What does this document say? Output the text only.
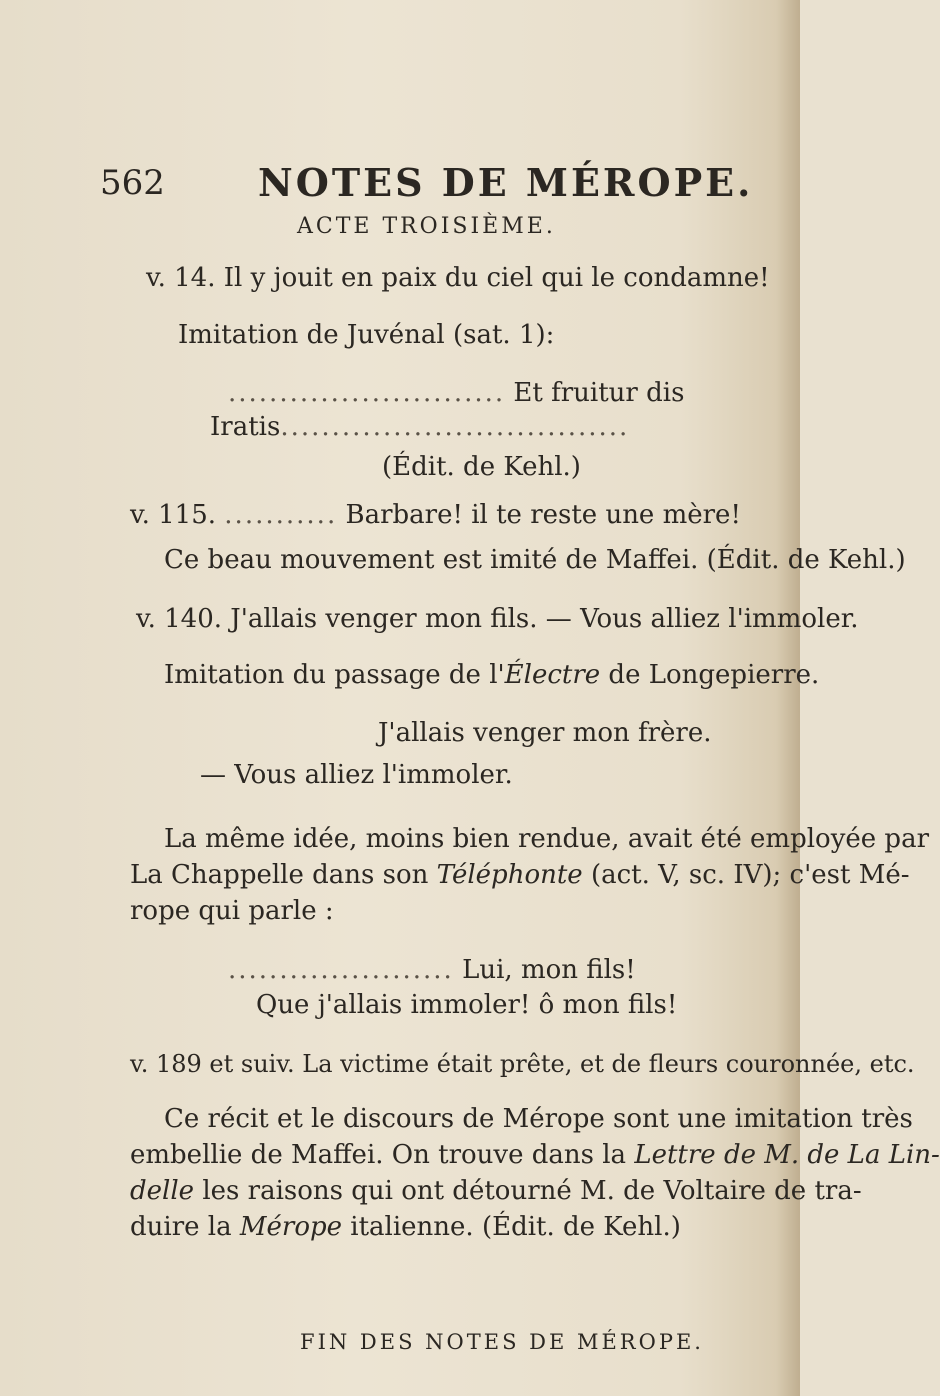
562 NOTES DE MÉROPE.
ACTE TROISIÈME.
v. 14. Il y jouit en paix du ciel qui le condamne!
Imitation de Juvénal (sat. 1):
........................... Et fruitur dis
Iratis..................................
(Édit. de Kehl.)
v. 115. ........... Barbare! il te reste une mère!
Ce beau mouvement est imité de Maffei. (Édit. de Kehl.)
v. 140. J'allais venger mon fils. — Vous alliez l'immoler.
Imitation du passage de l'Électre de Longepierre.
J'allais venger mon frère.
— Vous alliez l'immoler.
La même idée, moins bien rendue, avait été employée par
La Chappelle dans son Téléphonte (act. V, sc. IV); c'est Mé-
rope qui parle :
...................... Lui, mon fils!
Que j'allais immoler! ô mon fils!
v. 189 et suiv. La victime était prête, et de fleurs couronnée, etc.
Ce récit et le discours de Mérope sont une imitation très
embellie de Maffei. On trouve dans la Lettre de M. de La Lin-
delle les raisons qui ont détourné M. de Voltaire de tra-
duire la Mérope italienne. (Édit. de Kehl.)
FIN DES NOTES DE MÉROPE.
